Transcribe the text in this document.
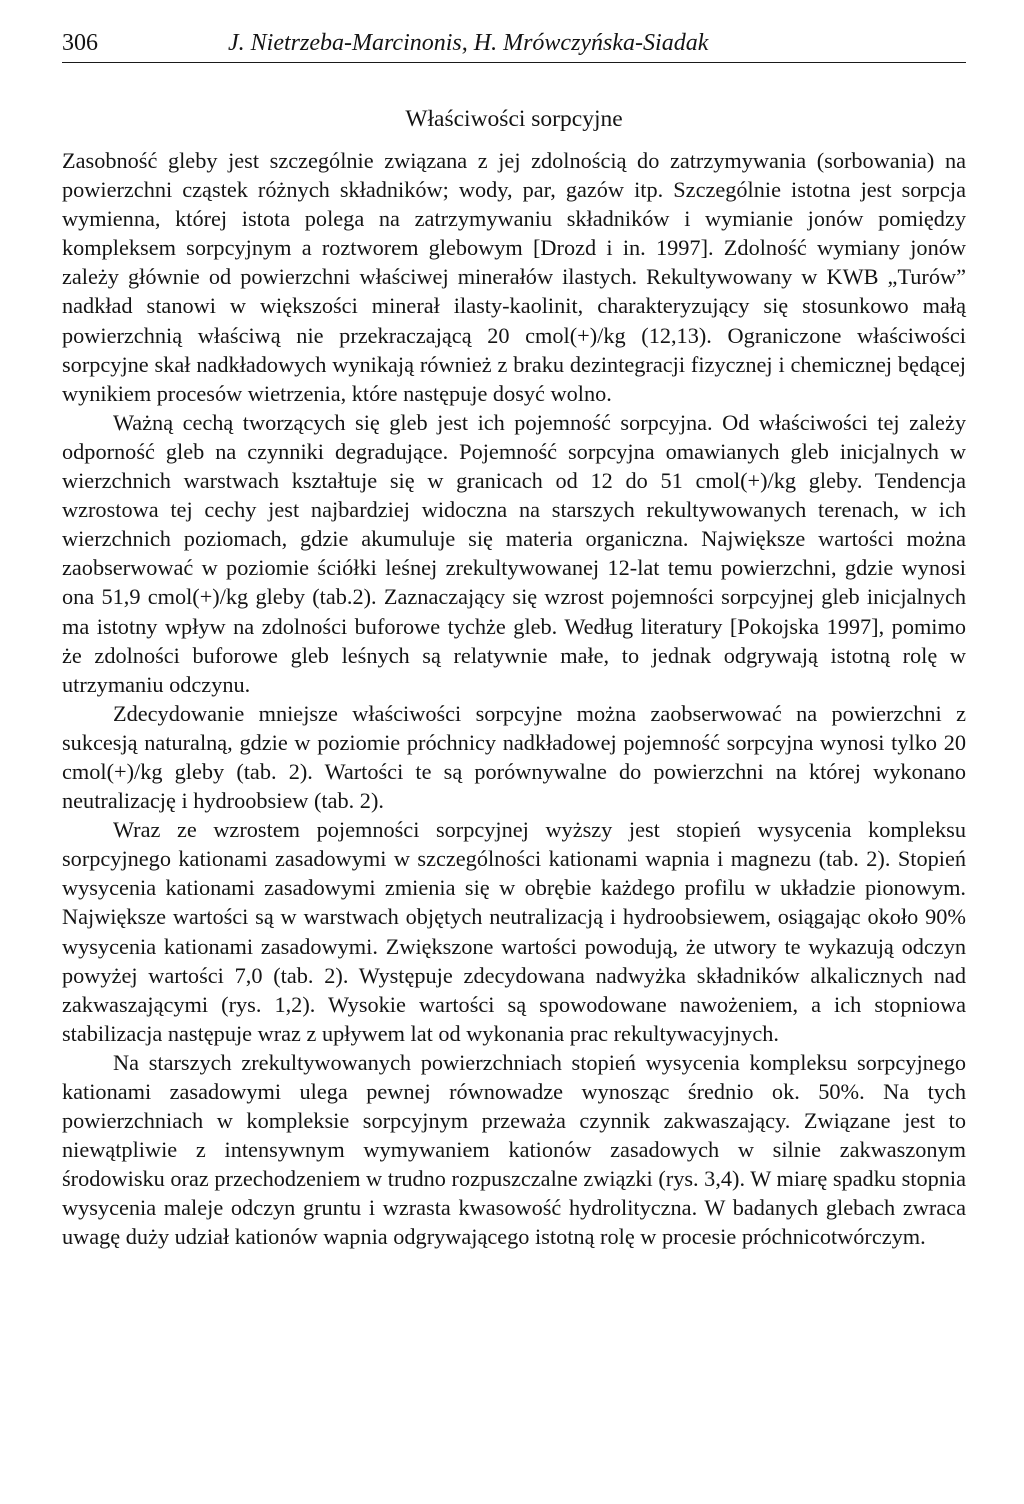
306	J. Nietrzeba-Marcinonis, H. Mrówczyńska-Siadak
Właściwości sorpcyjne

Zasobność gleby jest szczególnie związana z jej zdolnością do zatrzymywania (sorbowania) na powierzchni cząstek różnych składników; wody, par, gazów itp. Szczególnie istotna jest sorpcja wymienna, której istota polega na zatrzymywaniu składników i wymianie jonów pomiędzy kompleksem sorpcyjnym a roztworem glebowym [Drozd i in. 1997]. Zdolność wymiany jonów zależy głównie od powierzchni właściwej minerałów ilastych. Rekultywowany w KWB „Turów” nadkład stanowi w większości minerał ilasty-kaolinit, charakteryzujący się stosunkowo małą powierzchnią właściwą nie przekraczającą 20 cmol(+)/kg (12,13). Ograniczone właściwości sorpcyjne skał nadkładowych wynikają również z braku dezintegracji fizycznej i chemicznej będącej wynikiem procesów wietrzenia, które następuje dosyć wolno.

Ważną cechą tworzących się gleb jest ich pojemność sorpcyjna. Od właściwości tej zależy odporność gleb na czynniki degradujące. Pojemność sorpcyjna omawianych gleb inicjalnych w wierzchnich warstwach kształtuje się w granicach od 12 do 51 cmol(+)/kg gleby. Tendencja wzrostowa tej cechy jest najbardziej widoczna na starszych rekultywowanych terenach, w ich wierzchnich poziomach, gdzie akumuluje się materia organiczna. Największe wartości można zaobserwować w poziomie ściółki leśnej zrekultywowanej 12-lat temu powierzchni, gdzie wynosi ona 51,9 cmol(+)/kg gleby (tab.2). Zaznaczający się wzrost pojemności sorpcyjnej gleb inicjalnych ma istotny wpływ na zdolności buforowe tychże gleb. Według literatury [Pokojska 1997], pomimo że zdolności buforowe gleb leśnych są relatywnie małe, to jednak odgrywają istotną rolę w utrzymaniu odczynu.

Zdecydowanie mniejsze właściwości sorpcyjne można zaobserwować na powierzchni z sukcesją naturalną, gdzie w poziomie próchnicy nadkładowej pojemność sorpcyjna wynosi tylko 20 cmol(+)/kg gleby (tab. 2). Wartości te są porównywalne do powierzchni na której wykonano neutralizację i hydroobsiew (tab. 2).

Wraz ze wzrostem pojemności sorpcyjnej wyższy jest stopień wysycenia kompleksu sorpcyjnego kationami zasadowymi w szczególności kationami wapnia i magnezu (tab. 2). Stopień wysycenia kationami zasadowymi zmienia się w obrębie każdego profilu w układzie pionowym. Największe wartości są w warstwach objętych neutralizacją i hydroobsiewem, osiągając około 90% wysycenia kationami zasadowymi. Zwiększone wartości powodują, że utwory te wykazują odczyn powyżej wartości 7,0 (tab. 2). Występuje zdecydowana nadwyżka składników alkalicznych nad zakwaszającymi (rys. 1,2). Wysokie wartości są spowodowane nawożeniem, a ich stopniowa stabilizacja następuje wraz z upływem lat od wykonania prac rekultywacyjnych.

Na starszych zrekultywowanych powierzchniach stopień wysycenia kompleksu sorpcyjnego kationami zasadowymi ulega pewnej równowadze wynosząc średnio ok. 50%. Na tych powierzchniach w kompleksie sorpcyjnym przeważa czynnik zakwaszający. Związane jest to niewątpliwie z intensywnym wymywaniem kationów zasadowych w silnie zakwaszonym środowisku oraz przechodzeniem w trudno rozpuszczalne związki (rys. 3,4). W miarę spadku stopnia wysycenia maleje odczyn gruntu i wzrasta kwasowość hydrolityczna. W badanych glebach zwraca uwagę duży udział kationów wapnia odgrywającego istotną rolę w procesie próchnicotwórczym.
